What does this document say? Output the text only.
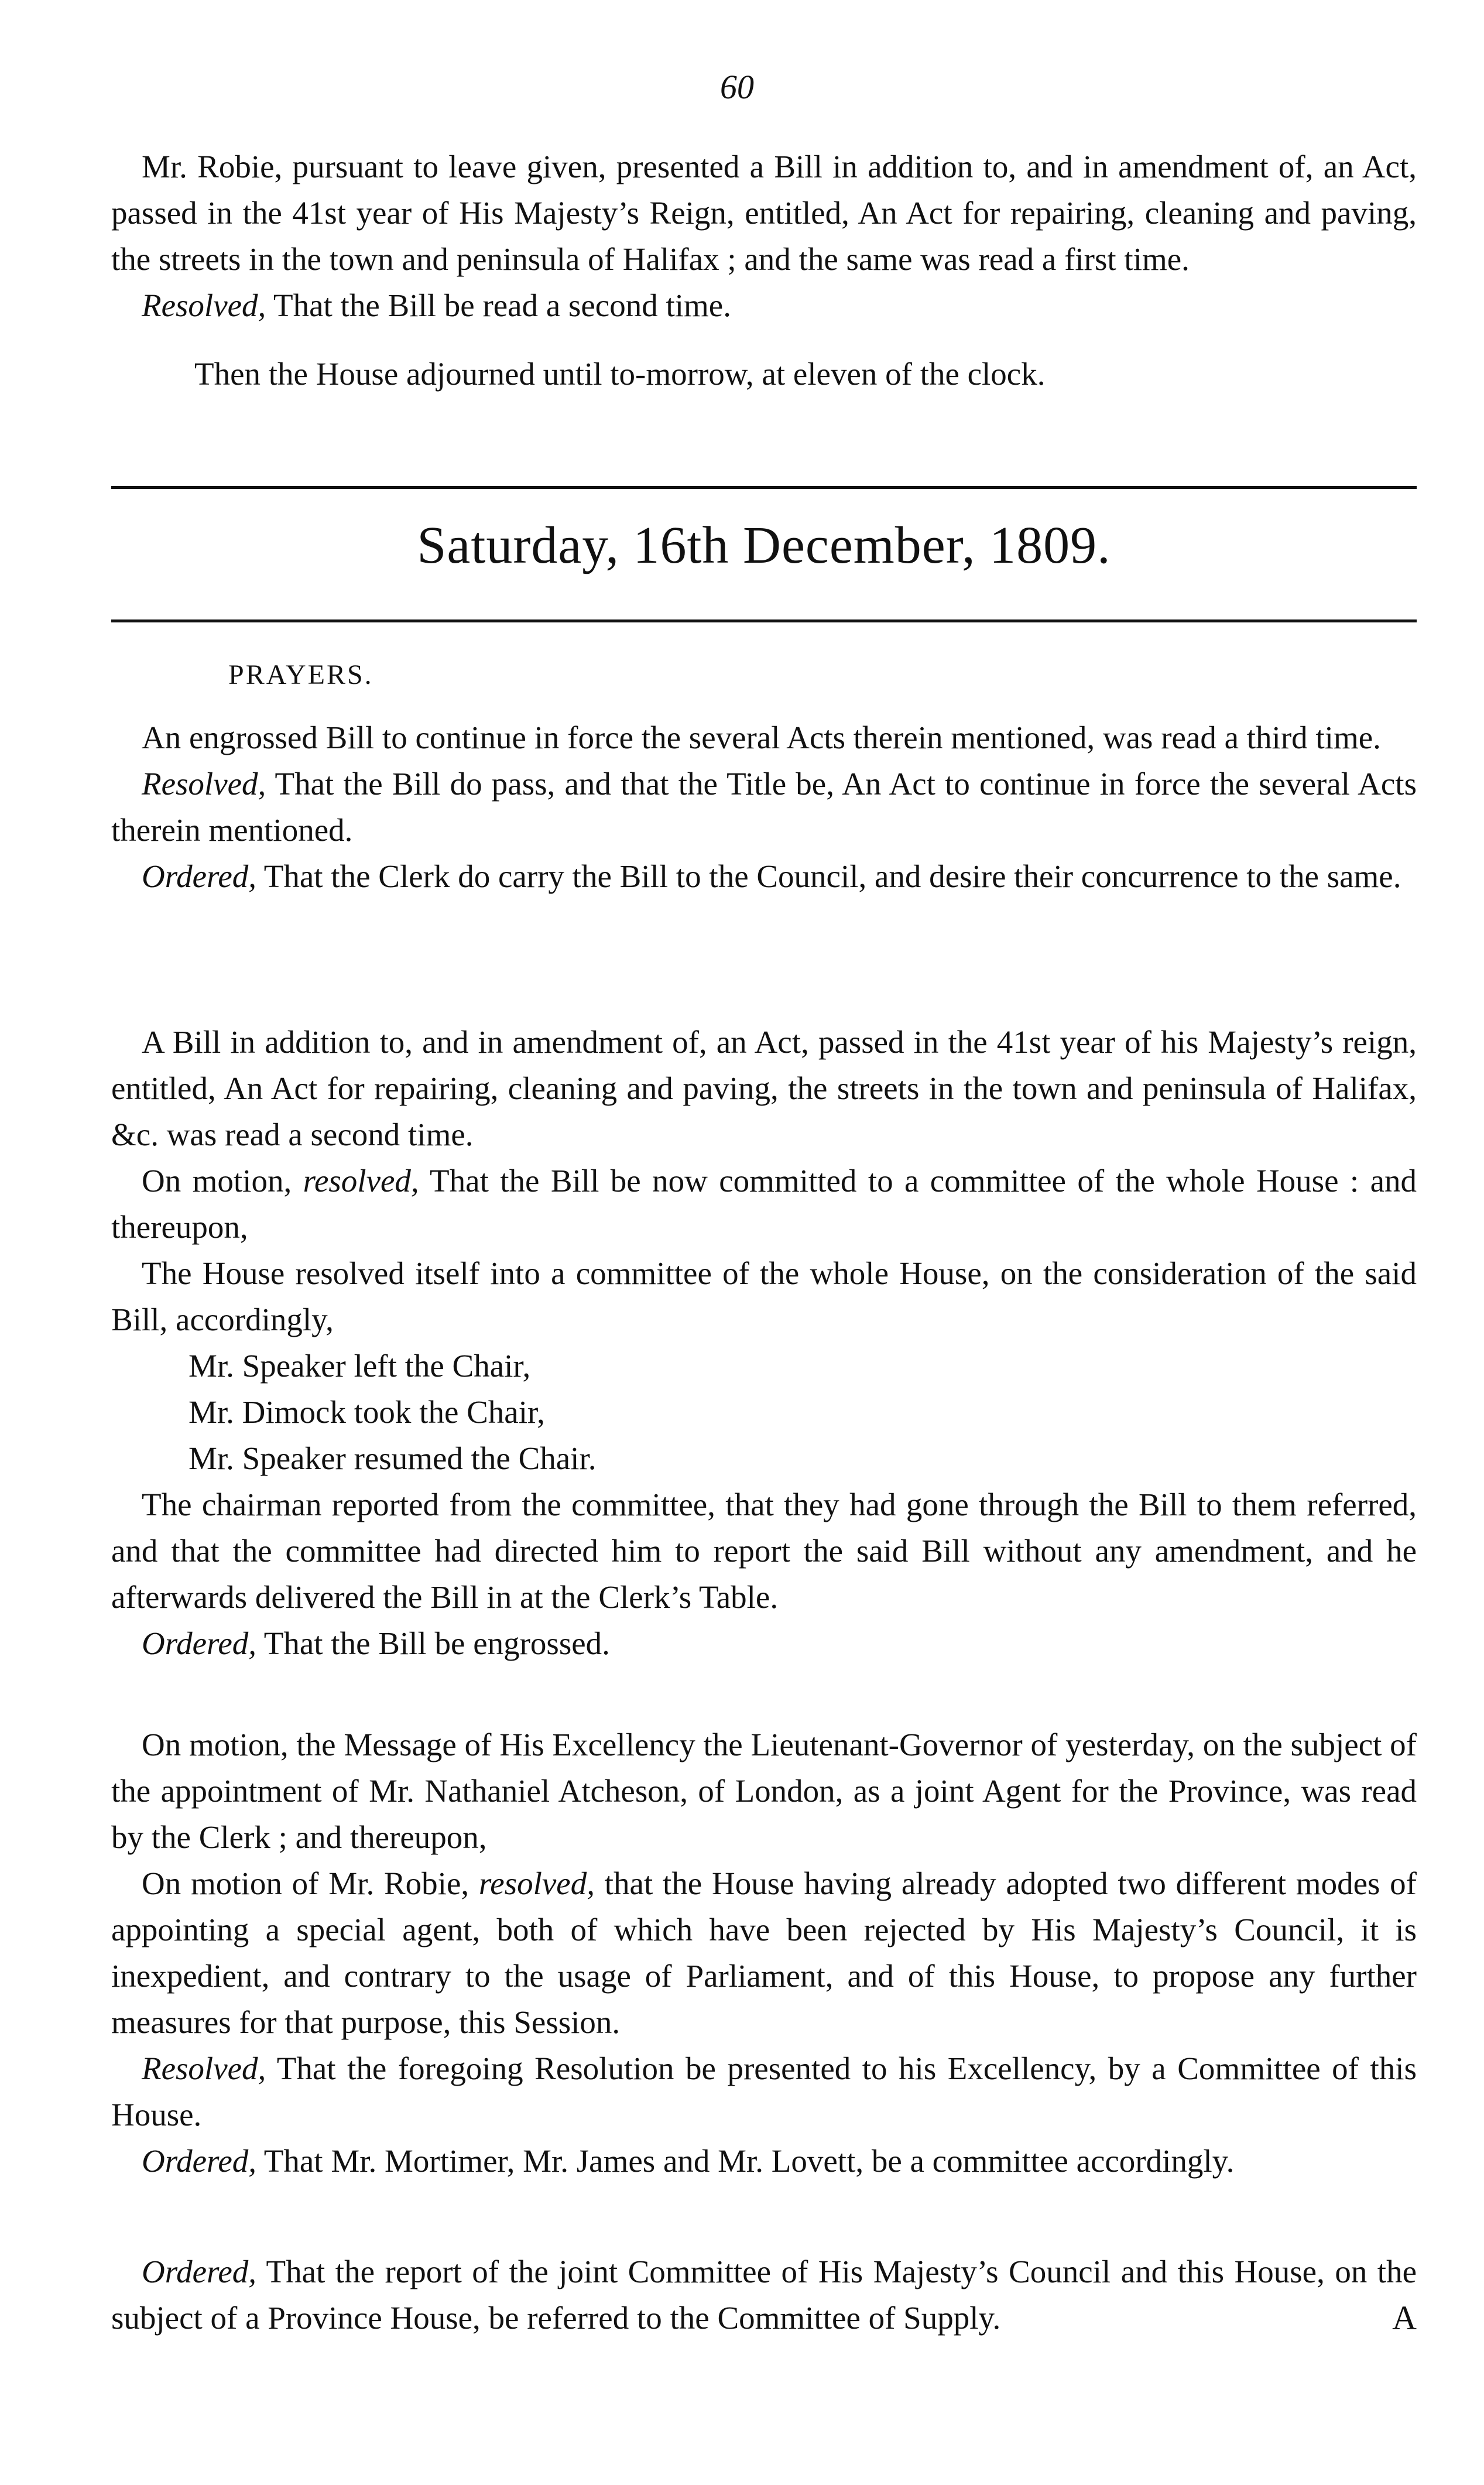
60

Mr. Robie, pursuant to leave given, presented a Bill in addition to, and in amendment of, an Act, passed in the 41st year of His Majesty’s Reign, entitled, An Act for repairing, cleaning and paving, the streets in the town and peninsula of Halifax ; and the same was read a first time.

Resolved, That the Bill be read a second time.

Then the House adjourned until to-morrow, at eleven of the clock.

Saturday, 16th December, 1809.
PRAYERS.

An engrossed Bill to continue in force the several Acts therein mentioned, was read a third time.

Resolved, That the Bill do pass, and that the Title be, An Act to continue in force the several Acts therein mentioned.

Ordered, That the Clerk do carry the Bill to the Council, and desire their concurrence to the same.

A Bill in addition to, and in amendment of, an Act, passed in the 41st year of his Majesty’s reign, entitled, An Act for repairing, cleaning and paving, the streets in the town and peninsula of Halifax, &c. was read a second time.

On motion, resolved, That the Bill be now committed to a committee of the whole House : and thereupon,

The House resolved itself into a committee of the whole House, on the consideration of the said Bill, accordingly,

Mr. Speaker left the Chair,

Mr. Dimock took the Chair,

Mr. Speaker resumed the Chair.

The chairman reported from the committee, that they had gone through the Bill to them referred, and that the committee had directed him to report the said Bill without any amendment, and he afterwards delivered the Bill in at the Clerk’s Table.

Ordered, That the Bill be engrossed.

On motion, the Message of His Excellency the Lieutenant-Governor of yesterday, on the subject of the appointment of Mr. Nathaniel Atcheson, of London, as a joint Agent for the Province, was read by the Clerk ; and thereupon,

On motion of Mr. Robie, resolved, that the House having already adopted two different modes of appointing a special agent, both of which have been rejected by His Majesty’s Council, it is inexpedient, and contrary to the usage of Parliament, and of this House, to propose any further measures for that purpose, this Session.

Resolved, That the foregoing Resolution be presented to his Excellency, by a Committee of this House.

Ordered, That Mr. Mortimer, Mr. James and Mr. Lovett, be a committee accordingly.

Ordered, That the report of the joint Committee of His Majesty’s Council and this House, on the subject of a Province House, be referred to the Committee of Supply.	A
